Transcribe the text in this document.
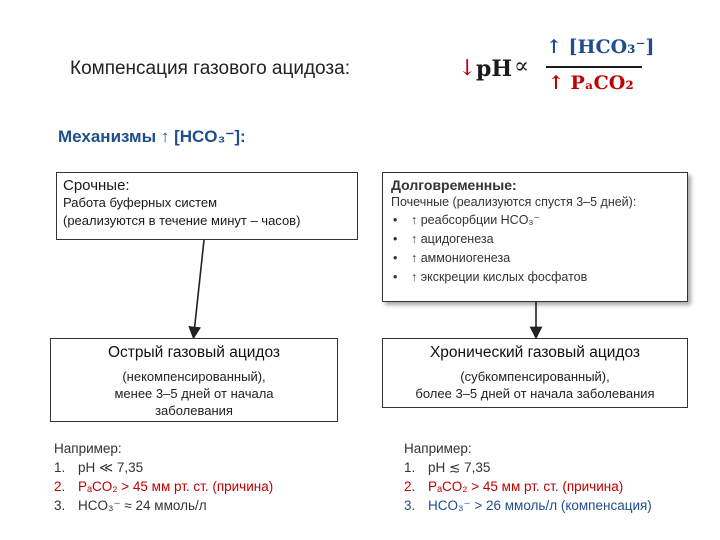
Компенсация газового ацидоза:	↓ pH ∝
↑ [HCO₃⁻]
↑ PₐCO₂
Механизмы ↑ [HCO₃⁻]:
Срочные:
Работа буферных систем
(реализуются в течение минут – часов)
Долговременные:
Почечные (реализуются спустя 3–5 дней):
• ↑ реабсорбции HCO₃⁻
• ↑ ацидогенеза
• ↑ аммониогенеза
• ↑ экскреции кислых фосфатов
Острый газовый ацидоз
(некомпенсированный),
менее 3–5 дней от начала
заболевания
Хронический газовый ацидоз
(субкомпенсированный),
более 3–5 дней от начала заболевания
Например:
1. pH ≪ 7,35
2. PₐCO₂ > 45 мм рт. ст. (причина)
3. HCO₃⁻ ≈ 24 ммоль/л
Например:
1. pH ≲ 7,35
2. PₐCO₂ > 45 мм рт. ст. (причина)
3. HCO₃⁻ > 26 ммоль/л (компенсация)
